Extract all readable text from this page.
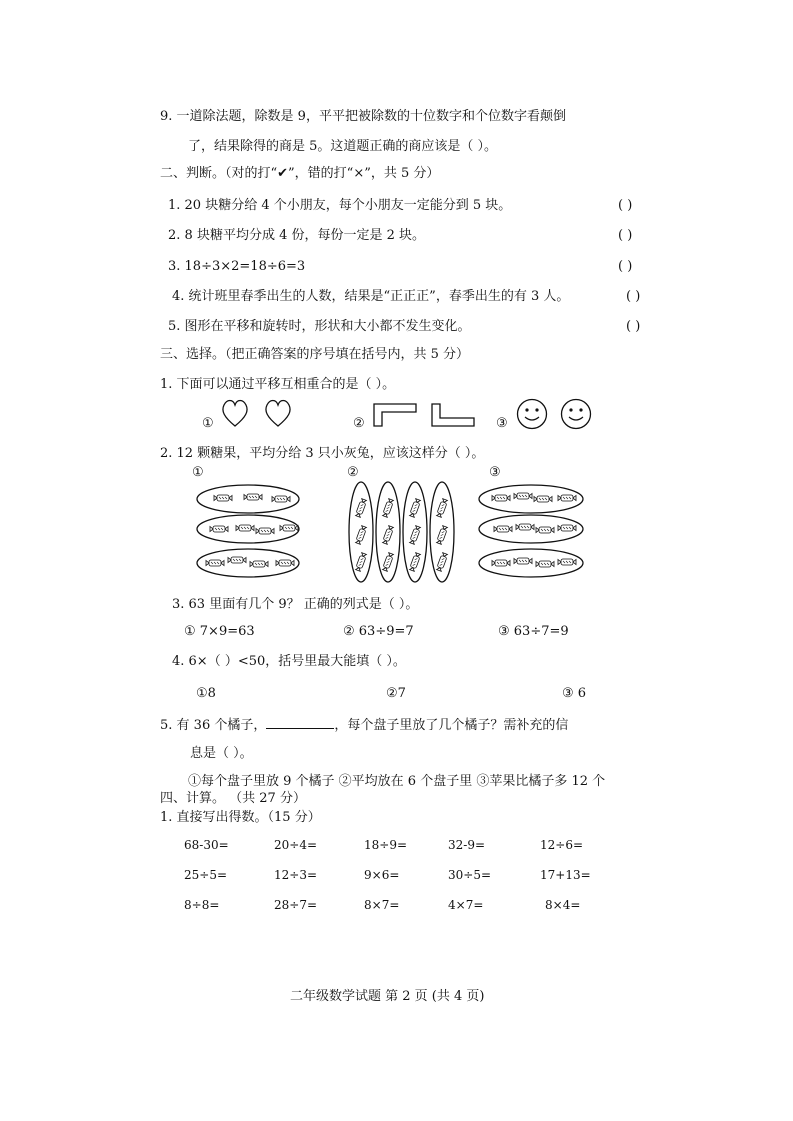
9. 一道除法题，除数是 9，平平把被除数的十位数字和个位数字看颠倒
了，结果除得的商是 5。这道题正确的商应该是（ ）。
二、判断。（对的打“✔”，错的打“×”，共 5 分）
1. 20 块糖分给 4 个小朋友，每个小朋友一定能分到 5 块。	( )
2. 8 块糖平均分成 4 份，每份一定是 2 块。	( )
3. 18÷3×2=18÷6=3	( )
4. 统计班里春季出生的人数，结果是“正正正”，春季出生的有 3 人。	( )
5. 图形在平移和旋转时，形状和大小都不发生变化。	( )
三、选择。（把正确答案的序号填在括号内，共 5 分）
1. 下面可以通过平移互相重合的是（ ）。
①	②	③
2. 12 颗糖果，平均分给 3 只小灰兔，应该这样分（ ）。
①	②	③
3. 63 里面有几个 9？ 正确的列式是（ ）。
① 7×9=63	② 63÷9=7	③ 63÷7=9
4. 6×（ ）<50，括号里最大能填（ ）。
①8	②7	③ 6
5. 有 36 个橘子，	，每个盘子里放了几个橘子？需补充的信
息是（ ）。
①每个盘子里放 9 个橘子 ②平均放在 6 个盘子里 ③苹果比橘子多 12 个
四、计算。 （共 27 分）
1. 直接写出得数。（15 分）
68-30=	20÷4=	18÷9=	32-9=	12÷6=
25÷5=	12÷3=	9×6=	30÷5=	17+13=
8÷8=	28÷7=	8×7=	4×7=	8×4=
二年级数学试题 第 2 页 (共 4 页)
